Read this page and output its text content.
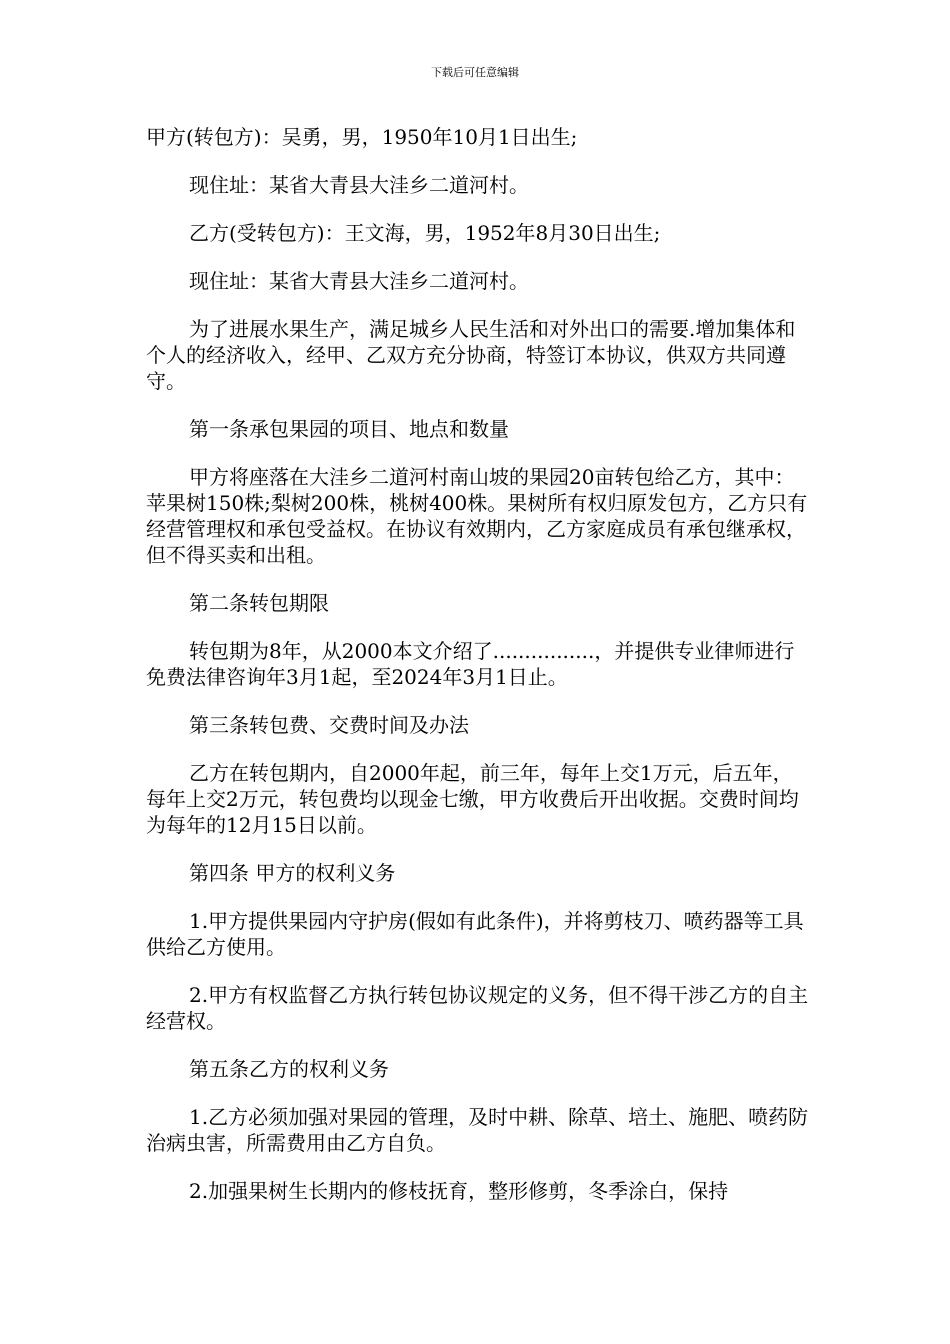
下载后可任意编辑

甲方(转包方)：吴勇，男，1950年10月1日出生;

现住址：某省大青县大洼乡二道河村。

乙方(受转包方)：王文海，男，1952年8月30日出生;

现住址：某省大青县大洼乡二道河村。

为了进展水果生产，满足城乡人民生活和对外出口的需要.增加集体和个人的经济收入，经甲、乙双方充分协商，特签订本协议，供双方共同遵守。

第一条承包果园的项目、地点和数量

甲方将座落在大洼乡二道河村南山坡的果园20亩转包给乙方，其中：苹果树150株;梨树200株，桃树400株。果树所有权归原发包方，乙方只有经营管理权和承包受益权。在协议有效期内，乙方家庭成员有承包继承权，但不得买卖和出租。

第二条转包期限

转包期为8年，从2000本文介绍了................，并提供专业律师进行免费法律咨询年3月1起，至2024年3月1日止。

第三条转包费、交费时间及办法

乙方在转包期内，自2000年起，前三年，每年上交1万元，后五年，每年上交2万元，转包费均以现金七缴，甲方收费后开出收据。交费时间均为每年的12月15日以前。

第四条 甲方的权利义务

1.甲方提供果园内守护房(假如有此条件)，并将剪枝刀、喷药器等工具供给乙方使用。

2.甲方有权监督乙方执行转包协议规定的义务，但不得干涉乙方的自主经营权。

第五条乙方的权利义务

1.乙方必须加强对果园的管理，及时中耕、除草、培土、施肥、喷药防治病虫害，所需费用由乙方自负。

2.加强果树生长期内的修枝抚育，整形修剪，冬季涂白，保持
